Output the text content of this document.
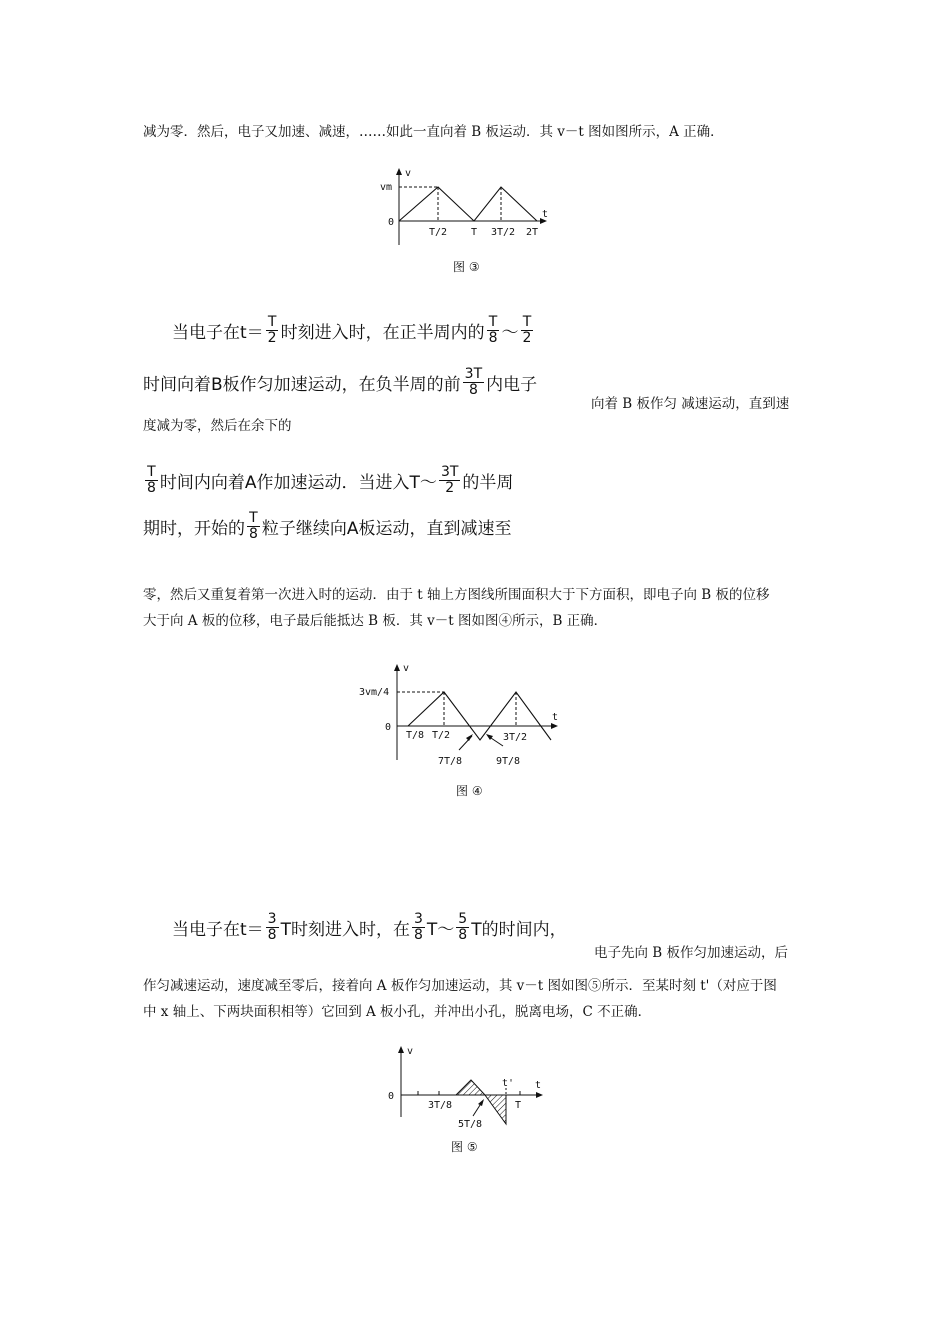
减为零．然后，电子又加速、减速，……如此一直向着 B 板运动．其 v－t 图如图所示，A 正确．
v
t
vm
0
T/2 T 3T/2 2T
图 ③
当电子在$t= \frac{T}{2}$ 时刻进入时，在正半周内的 $\frac{T}{8}$ ～ $\frac{T}{2}$
时间向着B板作匀加速运动，在负半周的前 $\frac{3T}{8}$ 内电子
向着 B 板作匀 减速运动，直到速
度减为零，然后在余下的
$\frac{T}{8}$ 时间内向着A作加速运动．当进入T～ $\frac{3T}{2}$ 的半周
期时，开始的 $\frac{T}{8}$ 粒子继续向A板运动，直到减速至
零，然后又重复着第一次进入时的运动．由于 t 轴上方图线所围面积大于下方面积，即电子向 B 板的位移
大于向 A 板的位移，电子最后能抵达 B 板．其 v－t 图如图④所示，B 正确．
v
t
3vm/4
0
T/8 T/2	3T/2
7T/8	9T/8
图 ④
当电子在$t= \frac{3}{8}$ T时刻进入时，在 $\frac{3}{8}$ T～ $\frac{5}{8}$ T的时间内，
电子先向 B 板作匀加速运动，后
作匀减速运动，速度减至零后，接着向 A 板作匀加速运动，其 v－t 图如图⑤所示．至某时刻 t'（对应于图
中 x 轴上、下两块面积相等）它回到 A 板小孔，并冲出小孔，脱离电场，C 不正确．
v
t
t'
0
3T/8	T
5T/8
图 ⑤
